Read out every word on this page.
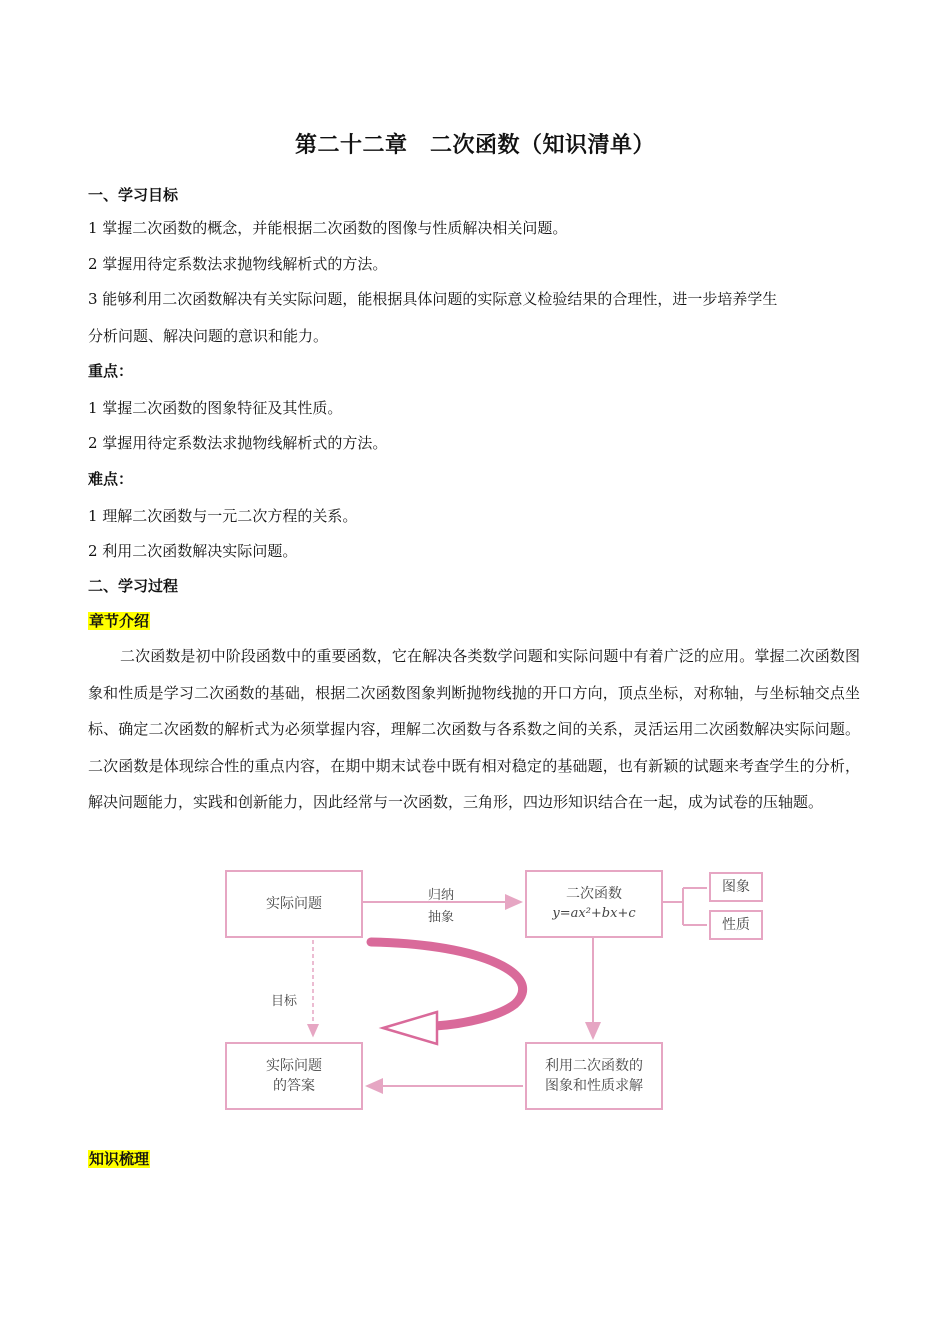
第二十二章　二次函数（知识清单）
一、学习目标
1 掌握二次函数的概念，并能根据二次函数的图像与性质解决相关问题。
2 掌握用待定系数法求抛物线解析式的方法。
3 能够利用二次函数解决有关实际问题，能根据具体问题的实际意义检验结果的合理性，进一步培养学生
分析问题、解决问题的意识和能力。
重点：
1 掌握二次函数的图象特征及其性质。
2 掌握用待定系数法求抛物线解析式的方法。
难点：
1 理解二次函数与一元二次方程的关系。
2 利用二次函数解决实际问题。
二、学习过程
章节介绍
二次函数是初中阶段函数中的重要函数，它在解决各类数学问题和实际问题中有着广泛的应用。掌握二次函数图象和性质是学习二次函数的基础，根据二次函数图象判断抛物线抛的开口方向，顶点坐标，对称轴，与坐标轴交点坐标、确定二次函数的解析式为必须掌握内容，理解二次函数与各系数之间的关系，灵活运用二次函数解决实际问题。二次函数是体现综合性的重点内容，在期中期末试卷中既有相对稳定的基础题，也有新颖的试题来考查学生的分析，解决问题能力，实践和创新能力，因此经常与一次函数，三角形，四边形知识结合在一起，成为试卷的压轴题。
实际问题
归纳
抽象
二次函数
y=ax²+bx+c
图象
性质
目标
实际问题
的答案
利用二次函数的
图象和性质求解
知识梳理
